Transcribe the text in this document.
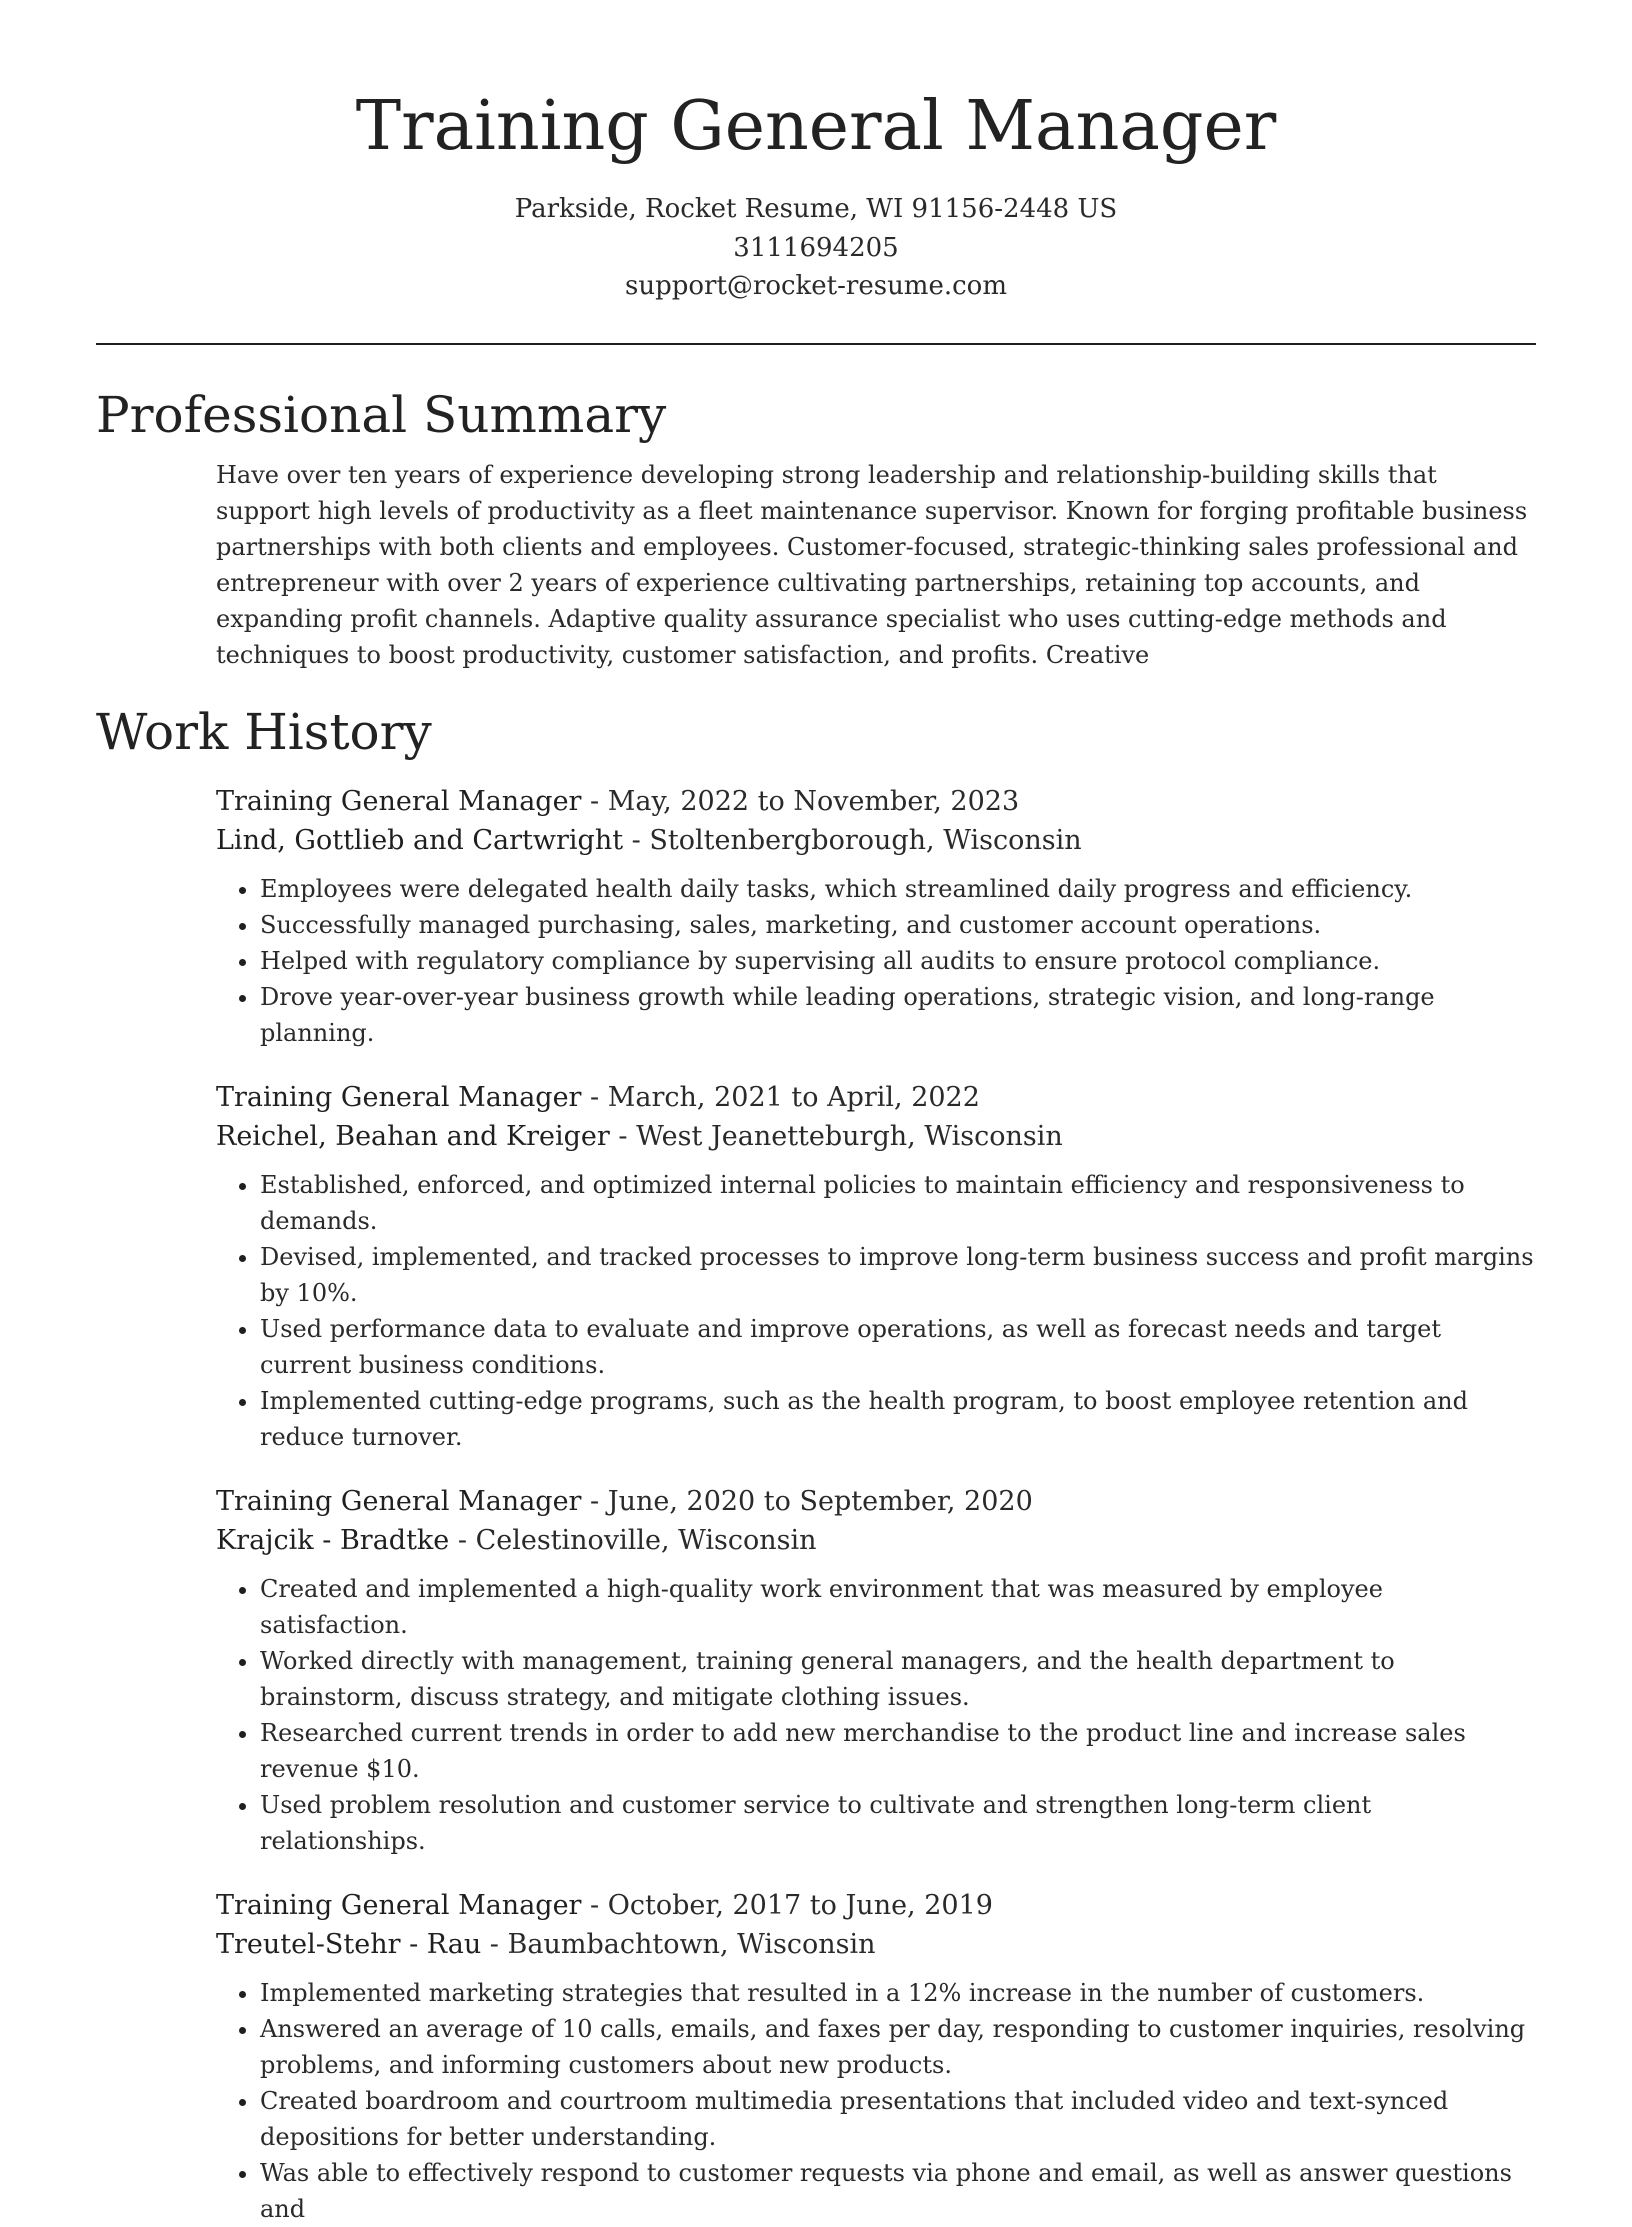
Training General Manager
Parkside, Rocket Resume, WI 91156-2448 US
3111694205
support@rocket-resume.com
Professional Summary
Have over ten years of experience developing strong leadership and relationship-building skills that support high levels of productivity as a fleet maintenance supervisor. Known for forging profitable business partnerships with both clients and employees. Customer-focused, strategic-thinking sales professional and entrepreneur with over 2 years of experience cultivating partnerships, retaining top accounts, and expanding profit channels. Adaptive quality assurance specialist who uses cutting-edge methods and techniques to boost productivity, customer satisfaction, and profits. Creative
Work History
Training General Manager - May, 2022 to November, 2023
Lind, Gottlieb and Cartwright - Stoltenbergborough, Wisconsin
• Employees were delegated health daily tasks, which streamlined daily progress and efficiency.
• Successfully managed purchasing, sales, marketing, and customer account operations.
• Helped with regulatory compliance by supervising all audits to ensure protocol compliance.
• Drove year-over-year business growth while leading operations, strategic vision, and long-range planning.
Training General Manager - March, 2021 to April, 2022
Reichel, Beahan and Kreiger - West Jeanetteburgh, Wisconsin
• Established, enforced, and optimized internal policies to maintain efficiency and responsiveness to demands.
• Devised, implemented, and tracked processes to improve long-term business success and profit margins by 10%.
• Used performance data to evaluate and improve operations, as well as forecast needs and target current business conditions.
• Implemented cutting-edge programs, such as the health program, to boost employee retention and reduce turnover.
Training General Manager - June, 2020 to September, 2020
Krajcik - Bradtke - Celestinoville, Wisconsin
• Created and implemented a high-quality work environment that was measured by employee satisfaction.
• Worked directly with management, training general managers, and the health department to brainstorm, discuss strategy, and mitigate clothing issues.
• Researched current trends in order to add new merchandise to the product line and increase sales revenue $10.
• Used problem resolution and customer service to cultivate and strengthen long-term client relationships.
Training General Manager - October, 2017 to June, 2019
Treutel-Stehr - Rau - Baumbachtown, Wisconsin
• Implemented marketing strategies that resulted in a 12% increase in the number of customers.
• Answered an average of 10 calls, emails, and faxes per day, responding to customer inquiries, resolving problems, and informing customers about new products.
• Created boardroom and courtroom multimedia presentations that included video and text-synced depositions for better understanding.
• Was able to effectively respond to customer requests via phone and email, as well as answer questions and
